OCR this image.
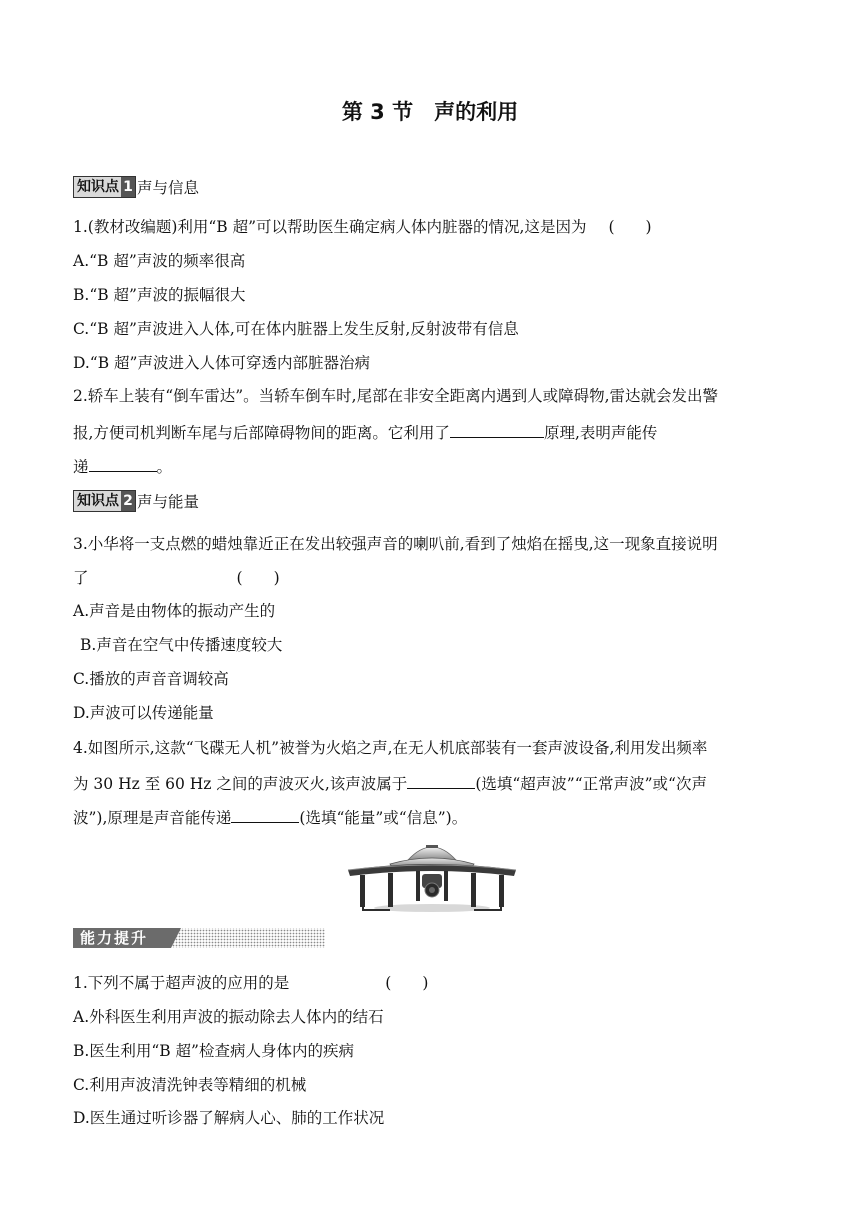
第 3 节　声的利用
知识点 1 声与信息
1.(教材改编题)利用“B 超”可以帮助医生确定病人体内脏器的情况,这是因为 (　　)
A.“B 超”声波的频率很高
B.“B 超”声波的振幅很大
C.“B 超”声波进入人体,可在体内脏器上发生反射,反射波带有信息
D.“B 超”声波进入人体可穿透内部脏器治病
2.轿车上装有“倒车雷达”。当轿车倒车时,尾部在非安全距离内遇到人或障碍物,雷达就会发出警
报,方便司机判断车尾与后部障碍物间的距离。它利用了	原理,表明声能传
递	。
知识点 2 声与能量
3.小华将一支点燃的蜡烛靠近正在发出较强声音的喇叭前,看到了烛焰在摇曳,这一现象直接说明
了	(　　)
A.声音是由物体的振动产生的
B.声音在空气中传播速度较大
C.播放的声音音调较高
D.声波可以传递能量
4.如图所示,这款“飞碟无人机”被誉为火焰之声,在无人机底部装有一套声波设备,利用发出频率
为 30 Hz 至 60 Hz 之间的声波灭火,该声波属于	(选填“超声波”“正常声波”或“次声
波”),原理是声音能传递	(选填“能量”或“信息”)。
能力提升
1.下列不属于超声波的应用的是	(　　)
A.外科医生利用声波的振动除去人体内的结石
B.医生利用“B 超”检查病人身体内的疾病
C.利用声波清洗钟表等精细的机械
D.医生通过听诊器了解病人心、肺的工作状况
